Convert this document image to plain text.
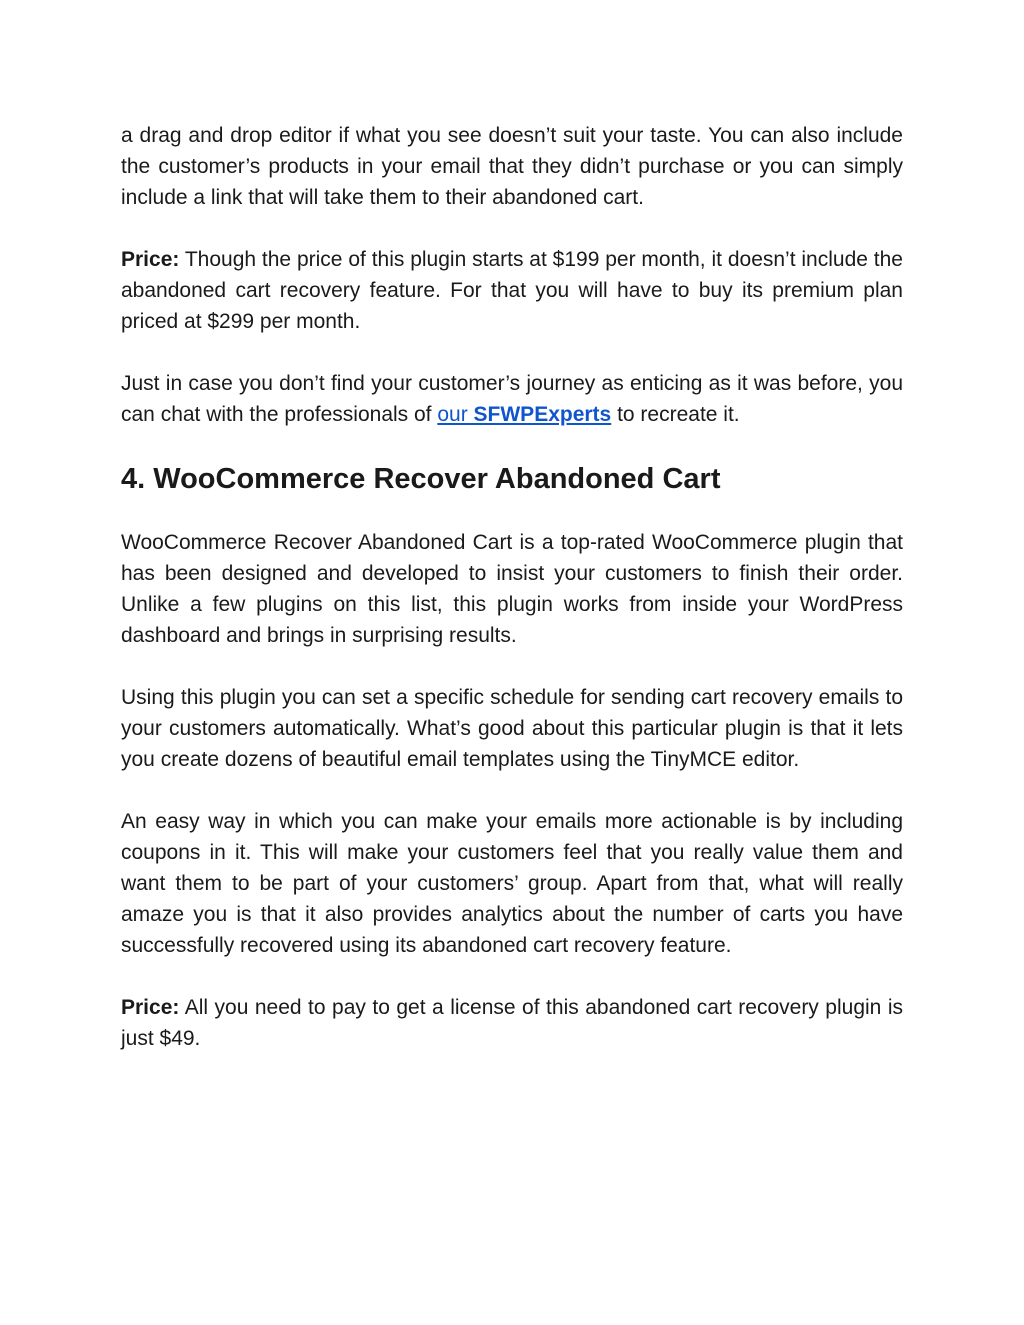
a drag and drop editor if what you see doesn’t suit your taste. You can also include the customer’s products in your email that they didn’t purchase or you can simply include a link that will take them to their abandoned cart.

Price: Though the price of this plugin starts at $199 per month, it doesn’t include the abandoned cart recovery feature. For that you will have to buy its premium plan priced at $299 per month.

Just in case you don’t find your customer’s journey as enticing as it was before, you can chat with the professionals of our SFWPExperts to recreate it.

4. WooCommerce Recover Abandoned Cart

WooCommerce Recover Abandoned Cart is a top-rated WooCommerce plugin that has been designed and developed to insist your customers to finish their order. Unlike a few plugins on this list, this plugin works from inside your WordPress dashboard and brings in surprising results.

Using this plugin you can set a specific schedule for sending cart recovery emails to your customers automatically. What’s good about this particular plugin is that it lets you create dozens of beautiful email templates using the TinyMCE editor.

An easy way in which you can make your emails more actionable is by including coupons in it. This will make your customers feel that you really value them and want them to be part of your customers’ group. Apart from that, what will really amaze you is that it also provides analytics about the number of carts you have successfully recovered using its abandoned cart recovery feature.

Price: All you need to pay to get a license of this abandoned cart recovery plugin is just $49.
